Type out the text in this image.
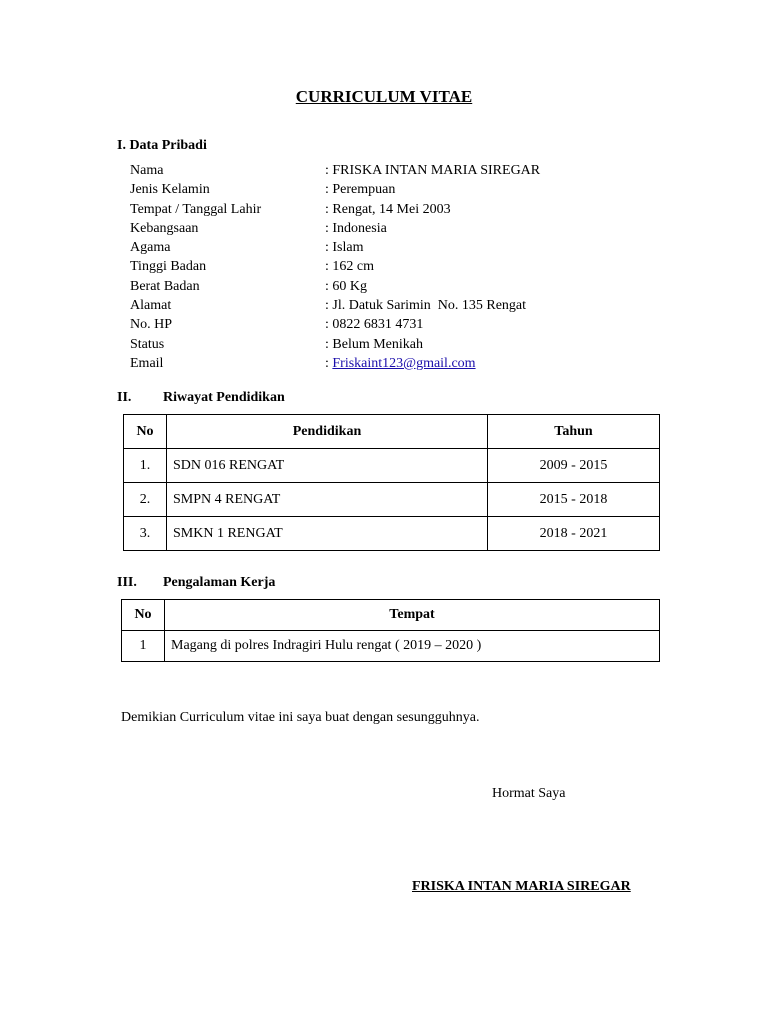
CURRICULUM VITAE
I. Data Pribadi
Nama	: FRISKA INTAN MARIA SIREGAR
Jenis Kelamin	: Perempuan
Tempat / Tanggal Lahir	: Rengat, 14 Mei 2003
Kebangsaan	: Indonesia
Agama	: Islam
Tinggi Badan	: 162 cm
Berat Badan	: 60 Kg
Alamat	: Jl. Datuk Sarimin  No. 135 Rengat
No. HP	: 0822 6831 4731
Status	: Belum Menikah
Email	: Friskaint123@gmail.com
II. Riwayat Pendidikan
No	Pendidikan	Tahun
1.	SDN 016 RENGAT	2009 - 2015
2.	SMPN 4 RENGAT	2015 - 2018
3.	SMKN 1 RENGAT	2018 - 2021
III. Pengalaman Kerja
No	Tempat
1	Magang di polres Indragiri Hulu rengat ( 2019 – 2020 )
Demikian Curriculum vitae ini saya buat dengan sesungguhnya.
Hormat Saya
FRISKA INTAN MARIA SIREGAR
